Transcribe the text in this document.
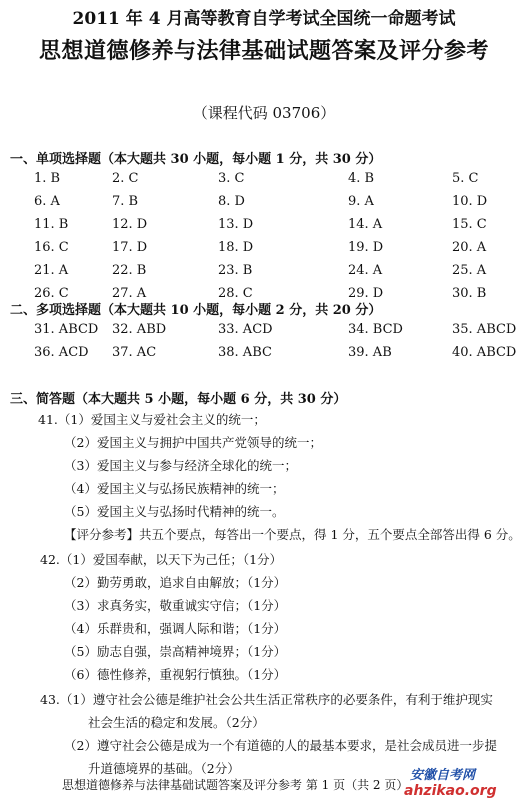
2011 年 4 月高等教育自学考试全国统一命题考试
思想道德修养与法律基础试题答案及评分参考
（课程代码 03706）
一、单项选择题（本大题共 30 小题，每小题 1 分，共 30 分）
1. B	2. C	3. C	4. B	5. C
6. A	7. B	8. D	9. A	10. D
11. B	12. D	13. D	14. A	15. C
16. C	17. D	18. D	19. D	20. A
21. A	22. B	23. B	24. A	25. A
26. C	27. A	28. C	29. D	30. B
二、多项选择题（本大题共 10 小题，每小题 2 分，共 20 分）
31. ABCD 32. ABD	33. ACD	34. BCD	35. ABCD
36. ACD 37. AC	38. ABC	39. AB	40. ABCD
三、简答题（本大题共 5 小题，每小题 6 分，共 30 分）
41.（1）爱国主义与爱社会主义的统一；
（2）爱国主义与拥护中国共产党领导的统一；
（3）爱国主义与参与经济全球化的统一；
（4）爱国主义与弘扬民族精神的统一；
（5）爱国主义与弘扬时代精神的统一。
【评分参考】共五个要点，每答出一个要点，得 1 分，五个要点全部答出得 6 分。
42.（1）爱国奉献，以天下为己任；（1分）
（2）勤劳勇敢，追求自由解放；（1分）
（3）求真务实，敬重诚实守信；（1分）
（4）乐群贵和，强调人际和谐；（1分）
（5）励志自强，崇高精神境界；（1分）
（6）德性修养，重视躬行慎独。（1分）
43.（1）遵守社会公德是维护社会公共生活正常秩序的必要条件，有利于维护现实
社会生活的稳定和发展。（2分）
（2）遵守社会公德是成为一个有道德的人的最基本要求，是社会成员进一步提
升道德境界的基础。（2分）
思想道德修养与法律基础试题答案及评分参考 第 1 页（共 2 页）
安徽自考网
ahzikao.org
